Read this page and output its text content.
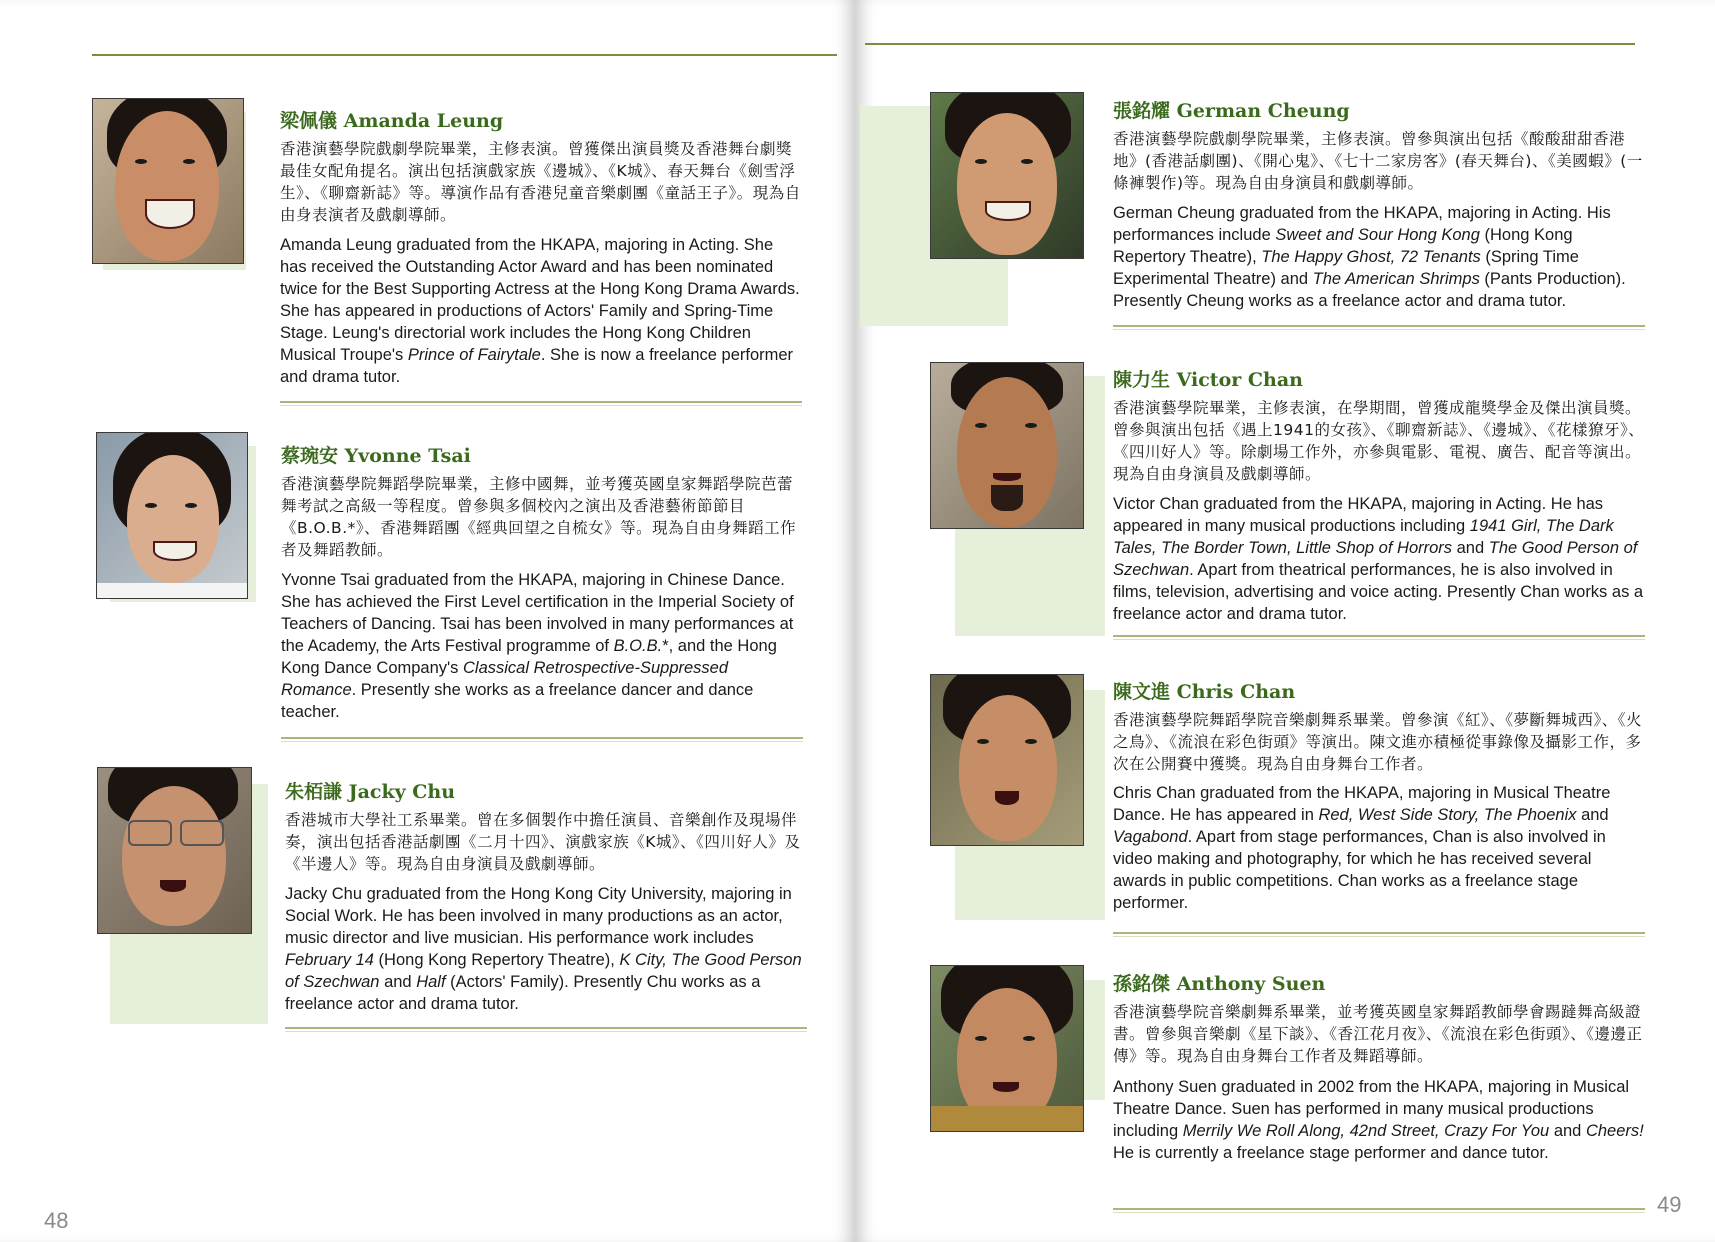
梁佩儀 Amanda Leung
香港演藝學院戲劇學院畢業，主修表演。曾獲傑出演員獎及香港舞台劇獎最佳女配角提名。演出包括演戲家族《邊城》、《K城》、春天舞台《劍雪浮生》、《聊齋新誌》等。導演作品有香港兒童音樂劇團《童話王子》。現為自由身表演者及戲劇導師。
Amanda Leung graduated from the HKAPA, majoring in Acting. She has received the Outstanding Actor Award and has been nominated twice for the Best Supporting Actress at the Hong Kong Drama Awards. She has appeared in productions of Actors' Family and Spring-Time Stage. Leung's directorial work includes the Hong Kong Children Musical Troupe's Prince of Fairytale. She is now a freelance performer and drama tutor.
蔡琬安 Yvonne Tsai
香港演藝學院舞蹈學院畢業，主修中國舞，並考獲英國皇家舞蹈學院芭蕾舞考試之高級一等程度。曾參與多個校內之演出及香港藝術節節目《B.O.B.*》、香港舞蹈團《經典回望之自梳女》等。現為自由身舞蹈工作者及舞蹈教師。
Yvonne Tsai graduated from the HKAPA, majoring in Chinese Dance. She has achieved the First Level certification in the Imperial Society of Teachers of Dancing. Tsai has been involved in many performances at the Academy, the Arts Festival programme of B.O.B.*, and the Hong Kong Dance Company's Classical Retrospective-Suppressed Romance. Presently she works as a freelance dancer and dance teacher.
朱栢謙 Jacky Chu
香港城市大學社工系畢業。曾在多個製作中擔任演員、音樂創作及現場伴奏，演出包括香港話劇團《二月十四》、演戲家族《K城》、《四川好人》及《半邊人》等。現為自由身演員及戲劇導師。
Jacky Chu graduated from the Hong Kong City University, majoring in Social Work. He has been involved in many productions as an actor, music director and live musician. His performance work includes February 14 (Hong Kong Repertory Theatre), K City, The Good Person of Szechwan and Half (Actors' Family). Presently Chu works as a freelance actor and drama tutor.
48
張銘耀 German Cheung
香港演藝學院戲劇學院畢業，主修表演。曾參與演出包括《酸酸甜甜香港地》(香港話劇團)、《開心鬼》、《七十二家房客》(春天舞台)、《美國蝦》(一條褲製作)等。現為自由身演員和戲劇導師。
German Cheung graduated from the HKAPA, majoring in Acting. His performances include Sweet and Sour Hong Kong (Hong Kong Repertory Theatre), The Happy Ghost, 72 Tenants (Spring Time Experimental Theatre) and The American Shrimps (Pants Production). Presently Cheung works as a freelance actor and drama tutor.
陳力生 Victor Chan
香港演藝學院畢業，主修表演，在學期間，曾獲成龍獎學金及傑出演員獎。曾參與演出包括《遇上1941的女孩》、《聊齋新誌》、《邊城》、《花樣獠牙》、《四川好人》等。除劇場工作外，亦參與電影、電視、廣告、配音等演出。現為自由身演員及戲劇導師。
Victor Chan graduated from the HKAPA, majoring in Acting. He has appeared in many musical productions including 1941 Girl, The Dark Tales, The Border Town, Little Shop of Horrors and The Good Person of Szechwan. Apart from theatrical performances, he is also involved in films, television, advertising and voice acting. Presently Chan works as a freelance actor and drama tutor.
陳文進 Chris Chan
香港演藝學院舞蹈學院音樂劇舞系畢業。曾參演《紅》、《夢斷舞城西》、《火之鳥》、《流浪在彩色街頭》等演出。陳文進亦積極從事錄像及攝影工作，多次在公開賽中獲獎。現為自由身舞台工作者。
Chris Chan graduated from the HKAPA, majoring in Musical Theatre Dance. He has appeared in Red, West Side Story, The Phoenix and Vagabond. Apart from stage performances, Chan is also involved in video making and photography, for which he has received several awards in public competitions. Chan works as a freelance stage performer.
孫銘傑 Anthony Suen
香港演藝學院音樂劇舞系畢業，並考獲英國皇家舞蹈教師學會踢躂舞高級證書。曾參與音樂劇《星下談》、《香江花月夜》、《流浪在彩色街頭》、《邊邊正傳》等。現為自由身舞台工作者及舞蹈導師。
Anthony Suen graduated in 2002 from the HKAPA, majoring in Musical Theatre Dance. Suen has performed in many musical productions including Merrily We Roll Along, 42nd Street, Crazy For You and Cheers! He is currently a freelance stage performer and dance tutor.
49
